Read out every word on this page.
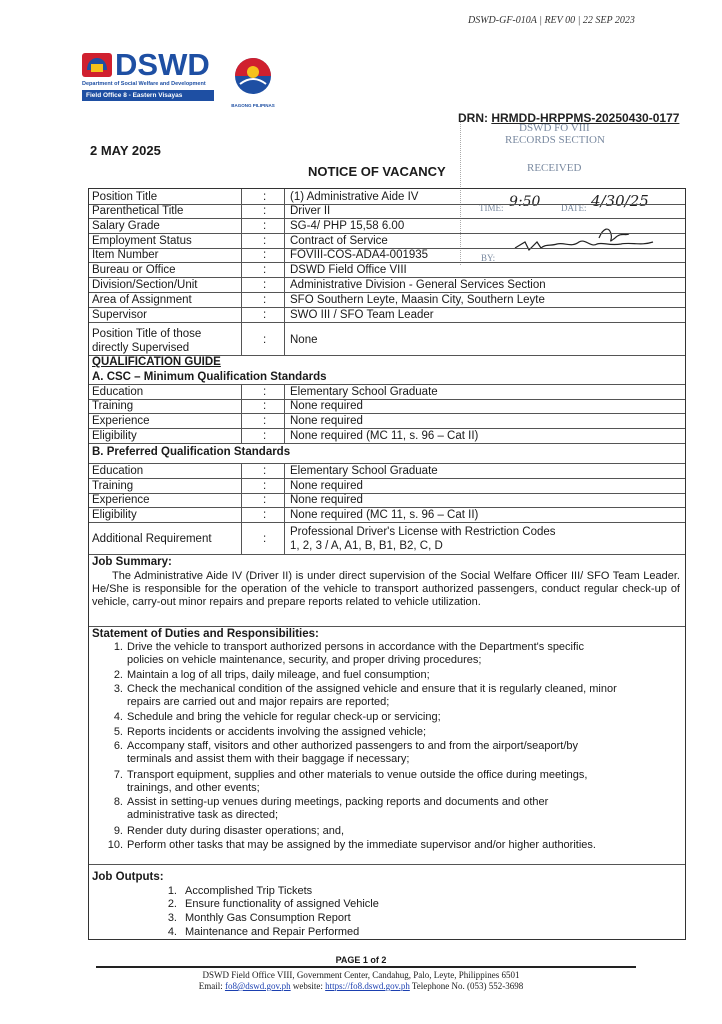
DSWD-GF-010A | REV 00 | 22 SEP 2023
DSWD
Department of Social Welfare and Development
Field Office 8 - Eastern Visayas
BAGONG PILIPINAS
DRN: HRMDD-HRPPMS-20250430-0177
DSWD FO VIII
RECORDS SECTION
RECEIVED
TIME: 9:50 DATE: 4/30/25
BY:
2 MAY 2025
NOTICE OF VACANCY
Position Title	: (1) Administrative Aide IV
Parenthetical Title	: Driver II
Salary Grade	: SG-4/ PHP 15,58 6.00
Employment Status	: Contract of Service
Item Number	: FOVIII-COS-ADA4-001935
Bureau or Office	: DSWD Field Office VIII
Division/Section/Unit	: Administrative Division - General Services Section
Area of Assignment	: SFO Southern Leyte, Maasin City, Southern Leyte
Supervisor	: SWO III / SFO Team Leader
Position Title of those
directly Supervised
: None
QUALIFICATION GUIDE
A. CSC – Minimum Qualification Standards
Education	: Elementary School Graduate
Training	: None required
Experience	: None required
Eligibility	: None required (MC 11, s. 96 – Cat II)
B. Preferred Qualification Standards
Education	: Elementary School Graduate
Training	: None required
Experience	: None required
Eligibility	: None required (MC 11, s. 96 – Cat II)
Additional Requirement	:
Professional Driver's License with Restriction Codes
1, 2, 3 / A, A1, B, B1, B2, C, D
Job Summary:
The Administrative Aide IV (Driver II) is under direct supervision of the Social Welfare Officer III/ SFO Team Leader. He/She is responsible for the operation of the vehicle to transport authorized passengers, conduct regular check-up of vehicle, carry-out minor repairs and prepare reports related to vehicle utilization.
Statement of Duties and Responsibilities:
1. Drive the vehicle to transport authorized persons in accordance with the Department's specific
policies on vehicle maintenance, security, and proper driving procedures;
2. Maintain a log of all trips, daily mileage, and fuel consumption;
3. Check the mechanical condition of the assigned vehicle and ensure that it is regularly cleaned, minor
repairs are carried out and major repairs are reported;
4. Schedule and bring the vehicle for regular check-up or servicing;
5. Reports incidents or accidents involving the assigned vehicle;
6. Accompany staff, visitors and other authorized passengers to and from the airport/seaport/by
terminals and assist them with their baggage if necessary;
7. Transport equipment, supplies and other materials to venue outside the office during meetings,
trainings, and other events;
8. Assist in setting-up venues during meetings, packing reports and documents and other
administrative task as directed;
9. Render duty during disaster operations; and,
10. Perform other tasks that may be assigned by the immediate supervisor and/or higher authorities.
Job Outputs:
1. Accomplished Trip Tickets
2. Ensure functionality of assigned Vehicle
3. Monthly Gas Consumption Report
4. Maintenance and Repair Performed
PAGE 1 of 2
DSWD Field Office VIII, Government Center, Candahug, Palo, Leyte, Philippines 6501
Email: fo8@dswd.gov.ph website: https://fo8.dswd.gov.ph Telephone No. (053) 552-3698
